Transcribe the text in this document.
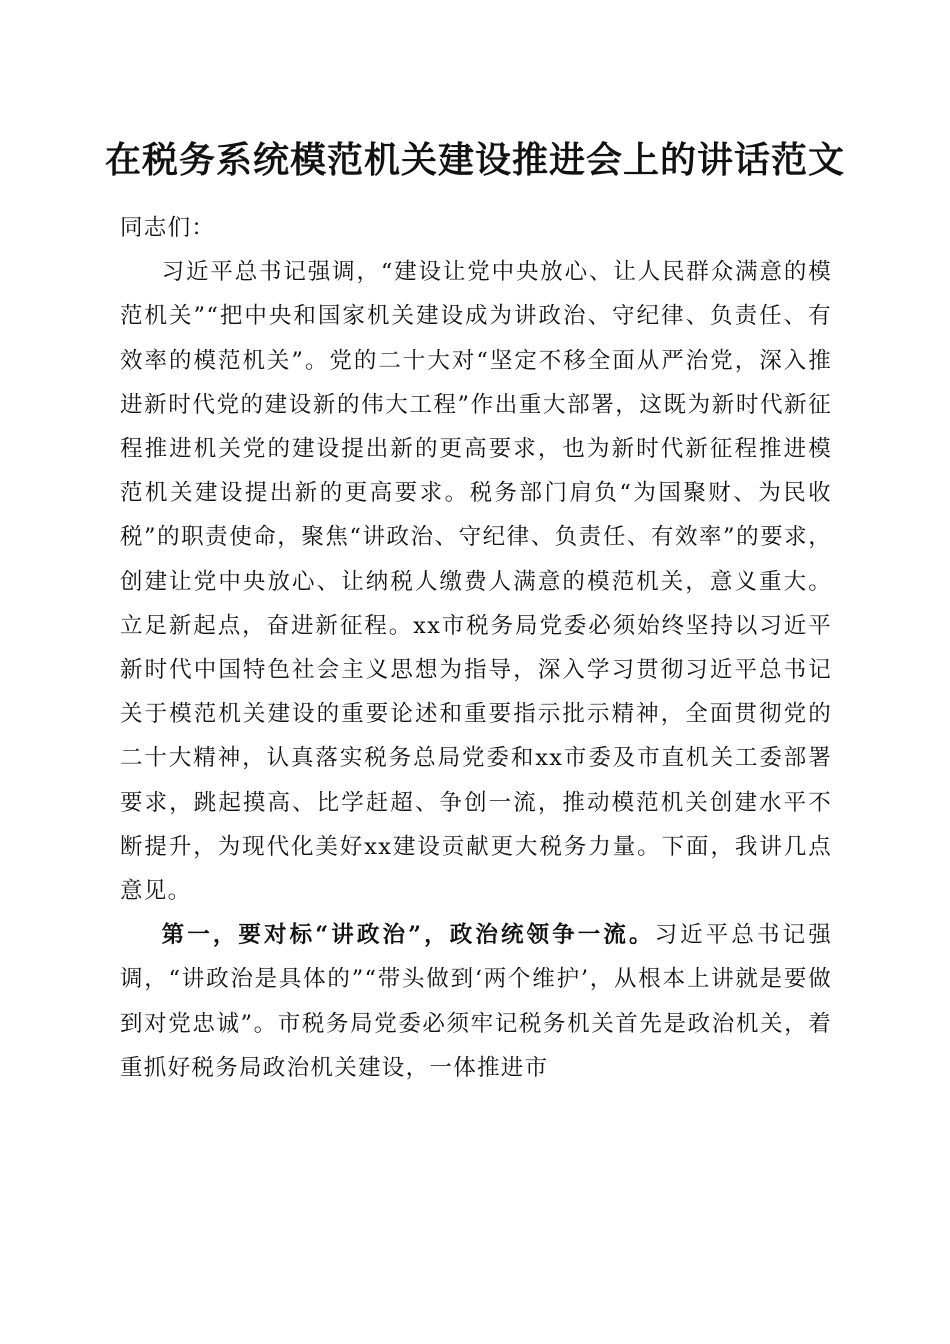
在税务系统模范机关建设推进会上的讲话范文

同志们：

习近平总书记强调，“建设让党中央放心、让人民群众满意的模范机关”“把中央和国家机关建设成为讲政治、守纪律、负责任、有效率的模范机关”。党的二十大对“坚定不移全面从严治党，深入推进新时代党的建设新的伟大工程”作出重大部署，这既为新时代新征程推进机关党的建设提出新的更高要求，也为新时代新征程推进模范机关建设提出新的更高要求。税务部门肩负“为国聚财、为民收税”的职责使命，聚焦“讲政治、守纪律、负责任、有效率”的要求，创建让党中央放心、让纳税人缴费人满意的模范机关，意义重大。立足新起点，奋进新征程。xx市税务局党委必须始终坚持以习近平新时代中国特色社会主义思想为指导，深入学习贯彻习近平总书记关于模范机关建设的重要论述和重要指示批示精神，全面贯彻党的二十大精神，认真落实税务总局党委和xx市委及市直机关工委部署要求，跳起摸高、比学赶超、争创一流，推动模范机关创建水平不断提升，为现代化美好xx建设贡献更大税务力量。下面，我讲几点意见。

第一，要对标“讲政治”，政治统领争一流。习近平总书记强调，“讲政治是具体的”“带头做到‘两个维护’，从根本上讲就是要做到对党忠诚”。市税务局党委必须牢记税务机关首先是政治机关，着重抓好税务局政治机关建设，一体推进市
